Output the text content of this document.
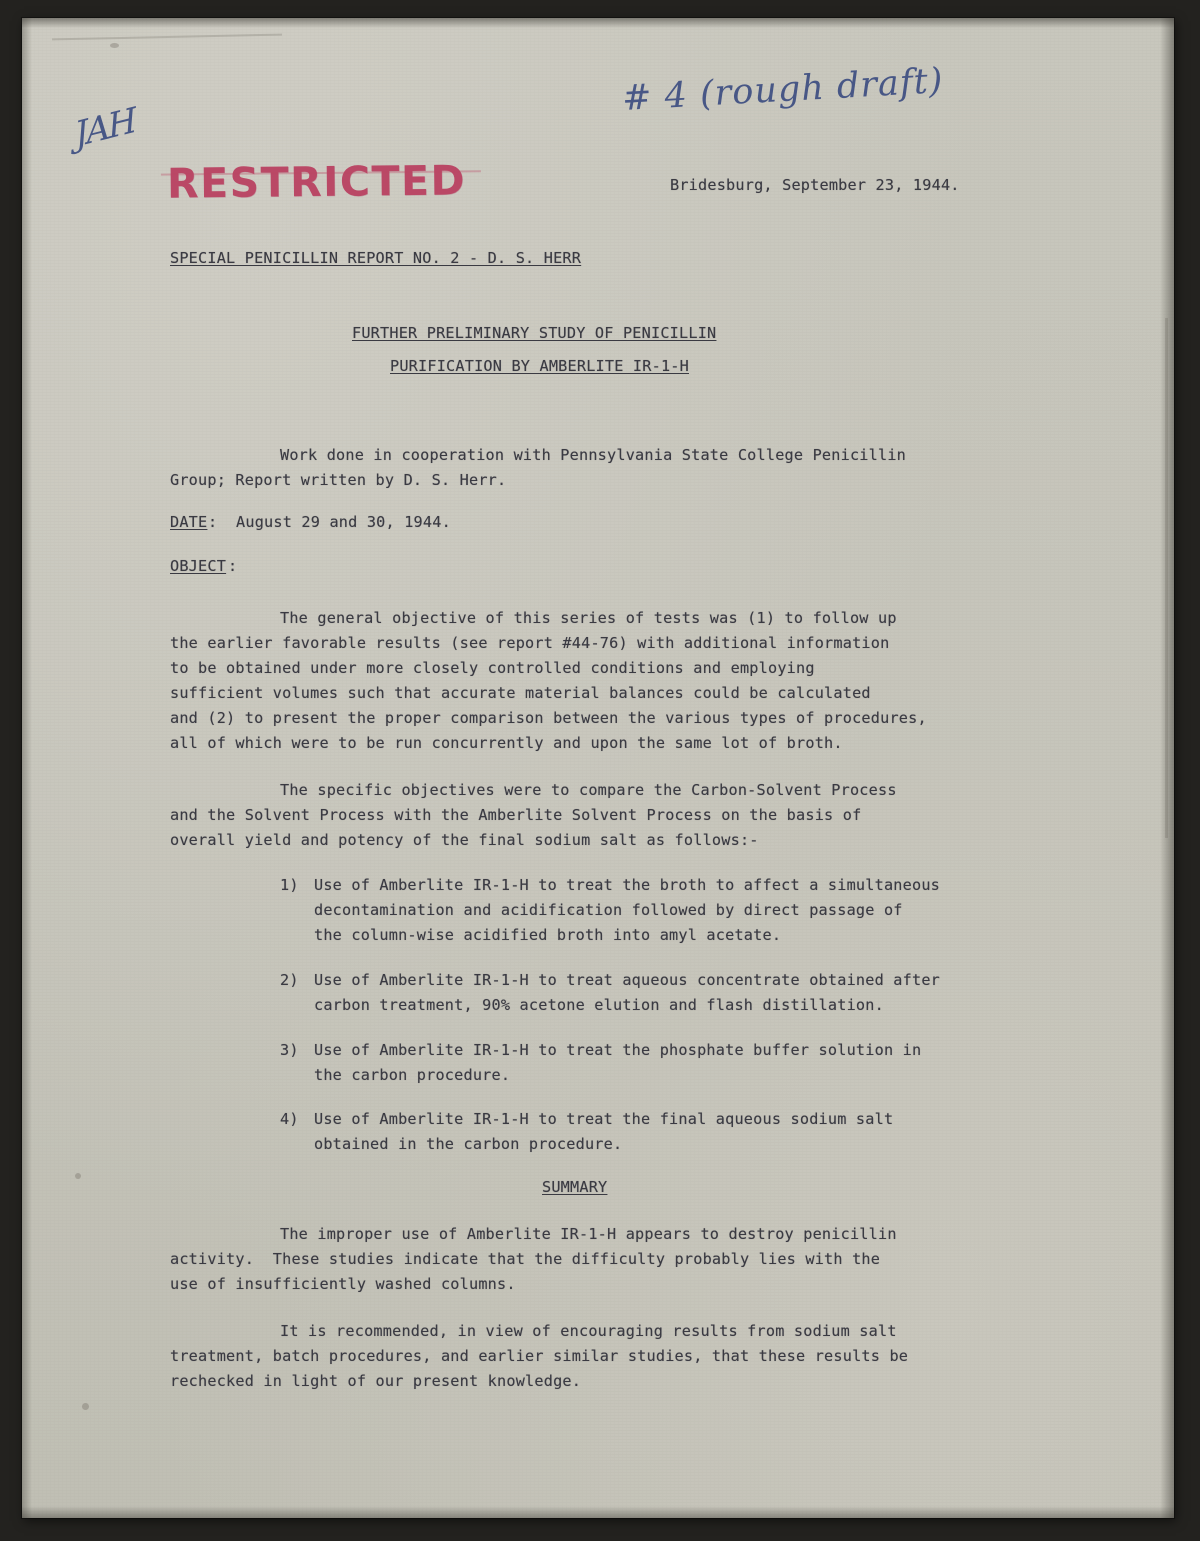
RESTRICTED
# 4 (rough draft)
JAH
Bridesburg, September 23, 1944.
SPECIAL PENICILLIN REPORT NO. 2 - D. S. HERR
FURTHER PRELIMINARY STUDY OF PENICILLIN
PURIFICATION BY AMBERLITE IR-1-H
Work done in cooperation with Pennsylvania State College Penicillin
Group; Report written by D. S. Herr.
DATE :  August 29 and 30, 1944.
OBJECT :
The general objective of this series of tests was (1) to follow up
the earlier favorable results (see report #44-76) with additional information
to be obtained under more closely controlled conditions and employing
sufficient volumes such that accurate material balances could be calculated
and (2) to present the proper comparison between the various types of procedures,
all of which were to be run concurrently and upon the same lot of broth.
The specific objectives were to compare the Carbon-Solvent Process
and the Solvent Process with the Amberlite Solvent Process on the basis of
overall yield and potency of the final sodium salt as follows:-
1) Use of Amberlite IR-1-H to treat the broth to affect a simultaneous
decontamination and acidification followed by direct passage of
the column-wise acidified broth into amyl acetate.
2) Use of Amberlite IR-1-H to treat aqueous concentrate obtained after
carbon treatment, 90% acetone elution and flash distillation.
3) Use of Amberlite IR-1-H to treat the phosphate buffer solution in
the carbon procedure.
4) Use of Amberlite IR-1-H to treat the final aqueous sodium salt
obtained in the carbon procedure.
SUMMARY
The improper use of Amberlite IR-1-H appears to destroy penicillin
activity.  These studies indicate that the difficulty probably lies with the
use of insufficiently washed columns.
It is recommended, in view of encouraging results from sodium salt
treatment, batch procedures, and earlier similar studies, that these results be
rechecked in light of our present knowledge.
